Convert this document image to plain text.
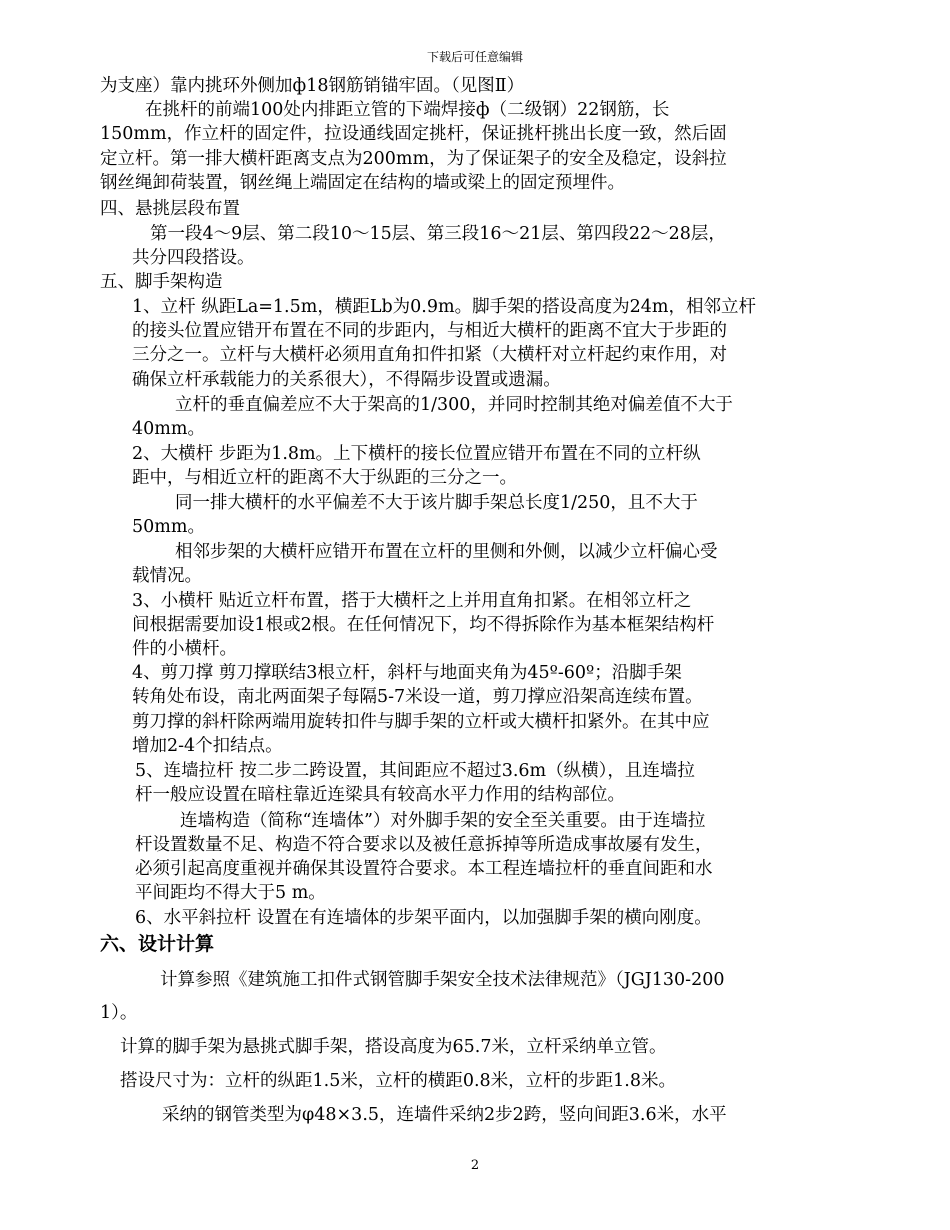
下载后可任意编辑
为支座）靠内挑环外侧加ф18钢筋销锚牢固。（见图Ⅱ）
在挑杆的前端100处内排距立管的下端焊接ф（二级钢）22钢筋，长
150mm，作立杆的固定件，拉设通线固定挑杆，保证挑杆挑出长度一致，然后固
定立杆。第一排大横杆距离支点为200mm，为了保证架子的安全及稳定，设斜拉
钢丝绳卸荷装置，钢丝绳上端固定在结构的墙或梁上的固定预埋件。
四、悬挑层段布置
第一段4～9层、第二段10～15层、第三段16～21层、第四段22～28层，
共分四段搭设。
五、脚手架构造
1、立杆 纵距La=1.5m，横距Lb为0.9m。脚手架的搭设高度为24m，相邻立杆
的接头位置应错开布置在不同的步距内，与相近大横杆的距离不宜大于步距的
三分之一。立杆与大横杆必须用直角扣件扣紧（大横杆对立杆起约束作用，对
确保立杆承载能力的关系很大），不得隔步设置或遗漏。
立杆的垂直偏差应不大于架高的1/300，并同时控制其绝对偏差值不大于
40mm。
2、大横杆 步距为1.8m。上下横杆的接长位置应错开布置在不同的立杆纵
距中，与相近立杆的距离不大于纵距的三分之一。
同一排大横杆的水平偏差不大于该片脚手架总长度1/250，且不大于
50mm。
相邻步架的大横杆应错开布置在立杆的里侧和外侧，以减少立杆偏心受
载情况。
3、小横杆 贴近立杆布置，搭于大横杆之上并用直角扣紧。在相邻立杆之
间根据需要加设1根或2根。在任何情况下，均不得拆除作为基本框架结构杆
件的小横杆。
4、剪刀撑 剪刀撑联结3根立杆，斜杆与地面夹角为45º-60º；沿脚手架
转角处布设，南北两面架子每隔5-7米设一道，剪刀撑应沿架高连续布置。
剪刀撑的斜杆除两端用旋转扣件与脚手架的立杆或大横杆扣紧外。在其中应
增加2-4个扣结点。
5、连墙拉杆 按二步二跨设置，其间距应不超过3.6m（纵横），且连墙拉
杆一般应设置在暗柱靠近连梁具有较高水平力作用的结构部位。
连墙构造（简称“连墙体”）对外脚手架的安全至关重要。由于连墙拉
杆设置数量不足、构造不符合要求以及被任意拆掉等所造成事故屡有发生，
必须引起高度重视并确保其设置符合要求。本工程连墙拉杆的垂直间距和水
平间距均不得大于5 m。
6、水平斜拉杆 设置在有连墙体的步架平面内，以加强脚手架的横向刚度。
六、设计计算
计算参照《建筑施工扣件式钢管脚手架安全技术法律规范》（JGJ130-200
1）。
计算的脚手架为悬挑式脚手架，搭设高度为65.7米，立杆采纳单立管。
搭设尺寸为：立杆的纵距1.5米，立杆的横距0.8米，立杆的步距1.8米。
采纳的钢管类型为φ48×3.5，连墙件采纳2步2跨，竖向间距3.6米，水平
2
